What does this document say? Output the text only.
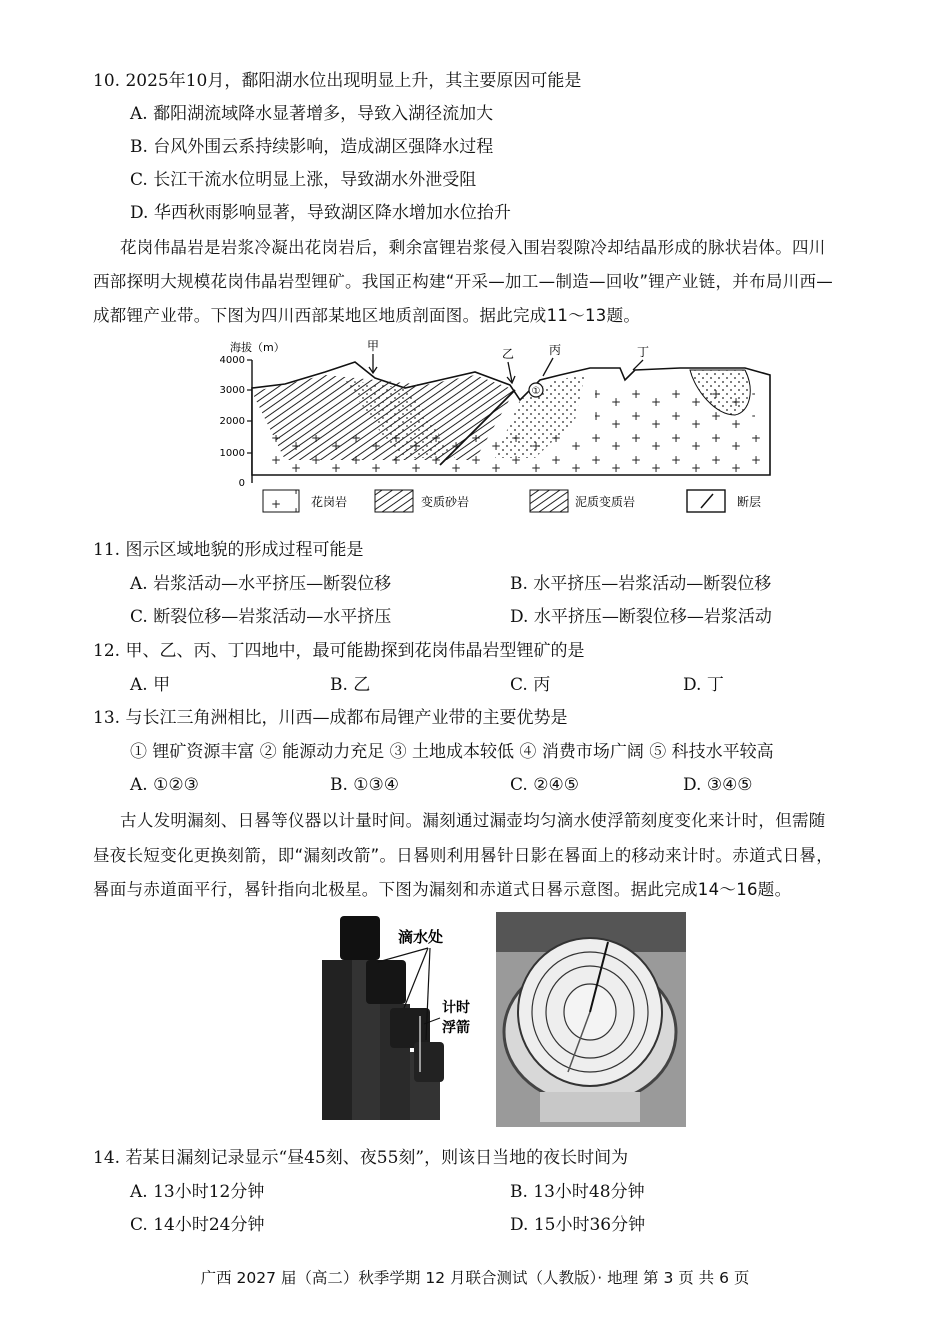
10. 2025年10月，鄱阳湖水位出现明显上升，其主要原因可能是
A. 鄱阳湖流域降水显著增多，导致入湖径流加大
B. 台风外围云系持续影响，造成湖区强降水过程
C. 长江干流水位明显上涨，导致湖水外泄受阻
D. 华西秋雨影响显著，导致湖区降水增加水位抬升
花岗伟晶岩是岩浆冷凝出花岗岩后，剩余富锂岩浆侵入围岩裂隙冷却结晶形成的脉状岩体。四川
西部探明大规模花岗伟晶岩型锂矿。我国正构建“开采—加工—制造—回收”锂产业链，并布局川西—
成都锂产业带。下图为四川西部某地区地质剖面图。据此完成11～13题。
海拔（m）
4000
3000
2000
1000
0
甲
乙	丙	丁
①
花岗岩	变质砂岩	泥质变质岩	断层
11. 图示区域地貌的形成过程可能是
A. 岩浆活动—水平挤压—断裂位移	B. 水平挤压—岩浆活动—断裂位移
C. 断裂位移—岩浆活动—水平挤压	D. 水平挤压—断裂位移—岩浆活动
12. 甲、乙、丙、丁四地中，最可能勘探到花岗伟晶岩型锂矿的是
A. 甲	B. 乙	C. 丙	D. 丁
13. 与长江三角洲相比，川西—成都布局锂产业带的主要优势是
① 锂矿资源丰富 ② 能源动力充足 ③ 土地成本较低 ④ 消费市场广阔 ⑤ 科技水平较高
A. ①②③	B. ①③④	C. ②④⑤	D. ③④⑤
古人发明漏刻、日晷等仪器以计量时间。漏刻通过漏壶均匀滴水使浮箭刻度变化来计时，但需随
昼夜长短变化更换刻箭，即“漏刻改箭”。日晷则利用晷针日影在晷面上的移动来计时。赤道式日晷，
晷面与赤道面平行，晷针指向北极星。下图为漏刻和赤道式日晷示意图。据此完成14～16题。
滴水处
计时
浮箭
14. 若某日漏刻记录显示“昼45刻、夜55刻”，则该日当地的夜长时间为
A. 13小时12分钟	B. 13小时48分钟
C. 14小时24分钟	D. 15小时36分钟
广西 2027 届（高二）秋季学期 12 月联合测试（人教版）· 地理 第 3 页 共 6 页
